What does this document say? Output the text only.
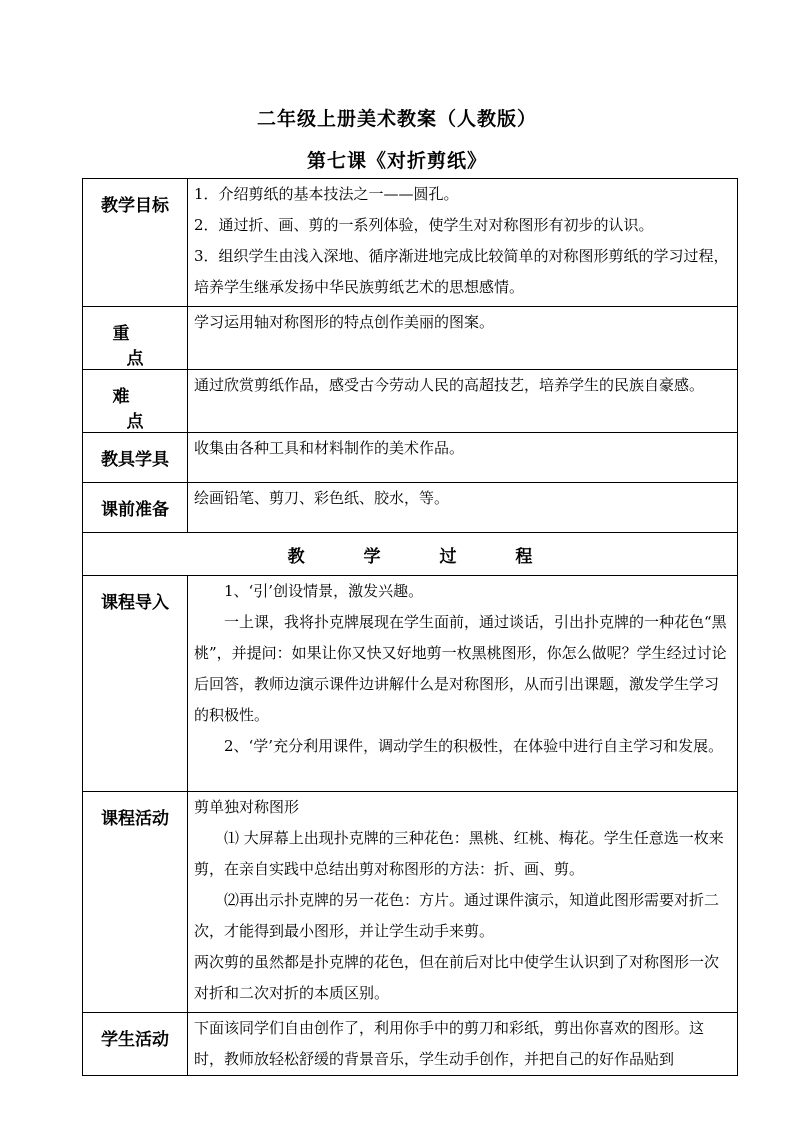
二年级上册美术教案（人教版）
第七课《对折剪纸》
教学目标	1．介绍剪纸的基本技法之一——圆孔。
2．通过折、画、剪的一系列体验，使学生对对称图形有初步的认识。
3．组织学生由浅入深地、循序渐进地完成比较简单的对称图形剪纸的学习过程，培养学生继承发扬中华民族剪纸艺术的思想感情。

重　点	学习运用轴对称图形的特点创作美丽的图案。
难　点	通过欣赏剪纸作品，感受古今劳动人民的高超技艺，培养学生的民族自豪感。
教具学具	收集由各种工具和材料制作的美术作品。
课前准备	绘画铅笔、剪刀、彩色纸、胶水，等。
教 学 过 程	
课程导入	1、‘引’创设情景，激发兴趣。
一上课，我将扑克牌展现在学生面前，通过谈话，引出扑克牌的一种花色“黑桃”，并提问：如果让你又快又好地剪一枚黑桃图形，你怎么做呢？学生经过讨论后回答，教师边演示课件边讲解什么是对称图形，从而引出课题，激发学生学习的积极性。
2、‘学’充分利用课件，调动学生的积极性，在体验中进行自主学习和发展。

课程活动	剪单独对称图形
⑴ 大屏幕上出现扑克牌的三种花色：黑桃、红桃、梅花。学生任意选一枚来剪，在亲自实践中总结出剪对称图形的方法：折、画、剪。
⑵再出示扑克牌的另一花色：方片。通过课件演示，知道此图形需要对折二次，才能得到最小图形，并让学生动手来剪。
两次剪的虽然都是扑克牌的花色，但在前后对比中使学生认识到了对称图形一次对折和二次对折的本质区别。

学生活动	下面该同学们自由创作了，利用你手中的剪刀和彩纸，剪出你喜欢的图形。这时，教师放轻松舒缓的背景音乐，学生动手创作，并把自己的好作品贴到
